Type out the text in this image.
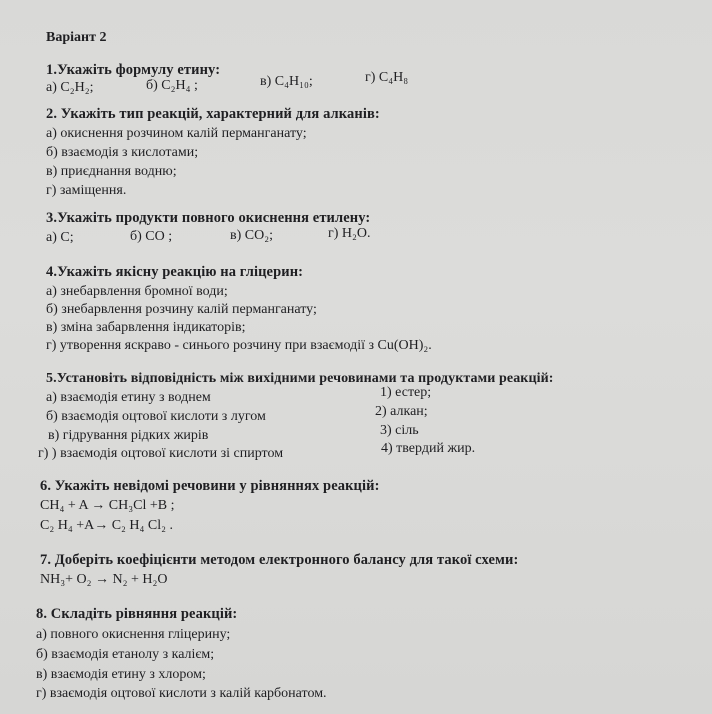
Варіант 2
1.Укажіть формулу етину:
а) C₂H₂;	б) C₂H₄ ;	в) C₄H₁₀;	г) C₄H₈
2. Укажіть тип реакцій, характерний для алканів:
а) окиснення розчином калій перманганату;
б) взаємодія з кислотами;
в) приєднання водню;
г) заміщення.
3.Укажіть продукти повного окиснення етилену:
а) C;	б) CO ;	в) CO₂;	г) H₂O.
4.Укажіть якісну реакцію на гліцерин:
а) знебарвлення бромної води;
б) знебарвлення розчину калій перманганату;
в) зміна забарвлення індикаторів;
г) утворення яскраво - синього розчину при взаємодії з Cu(OH)₂.
5.Установіть відповідність між вихідними речовинами та продуктами реакцій:
а) взаємодія етину з воднем
б) взаємодія оцтової кислоти з лугом
в) гідрування рідких жирів
г) ) взаємодія оцтової кислоти зі спиртом
1) естер;
2) алкан;
3) сіль
4) твердий жир.
6. Укажіть невідомі речовини у рівняннях реакцій:
CH₄ + A → CH₃Cl +B ;
C₂ H₄ +A→ C₂ H₄ Cl₂ .
7. Доберіть коефіцієнти методом електронного балансу для такої схеми:
NH₃+ O₂ → N₂ + H₂O
8. Складіть рівняння реакцій:
а) повного окиснення гліцерину;
б) взаємодія етанолу з калієм;
в) взаємодія етину з хлором;
г) взаємодія оцтової кислоти з калій карбонатом.
